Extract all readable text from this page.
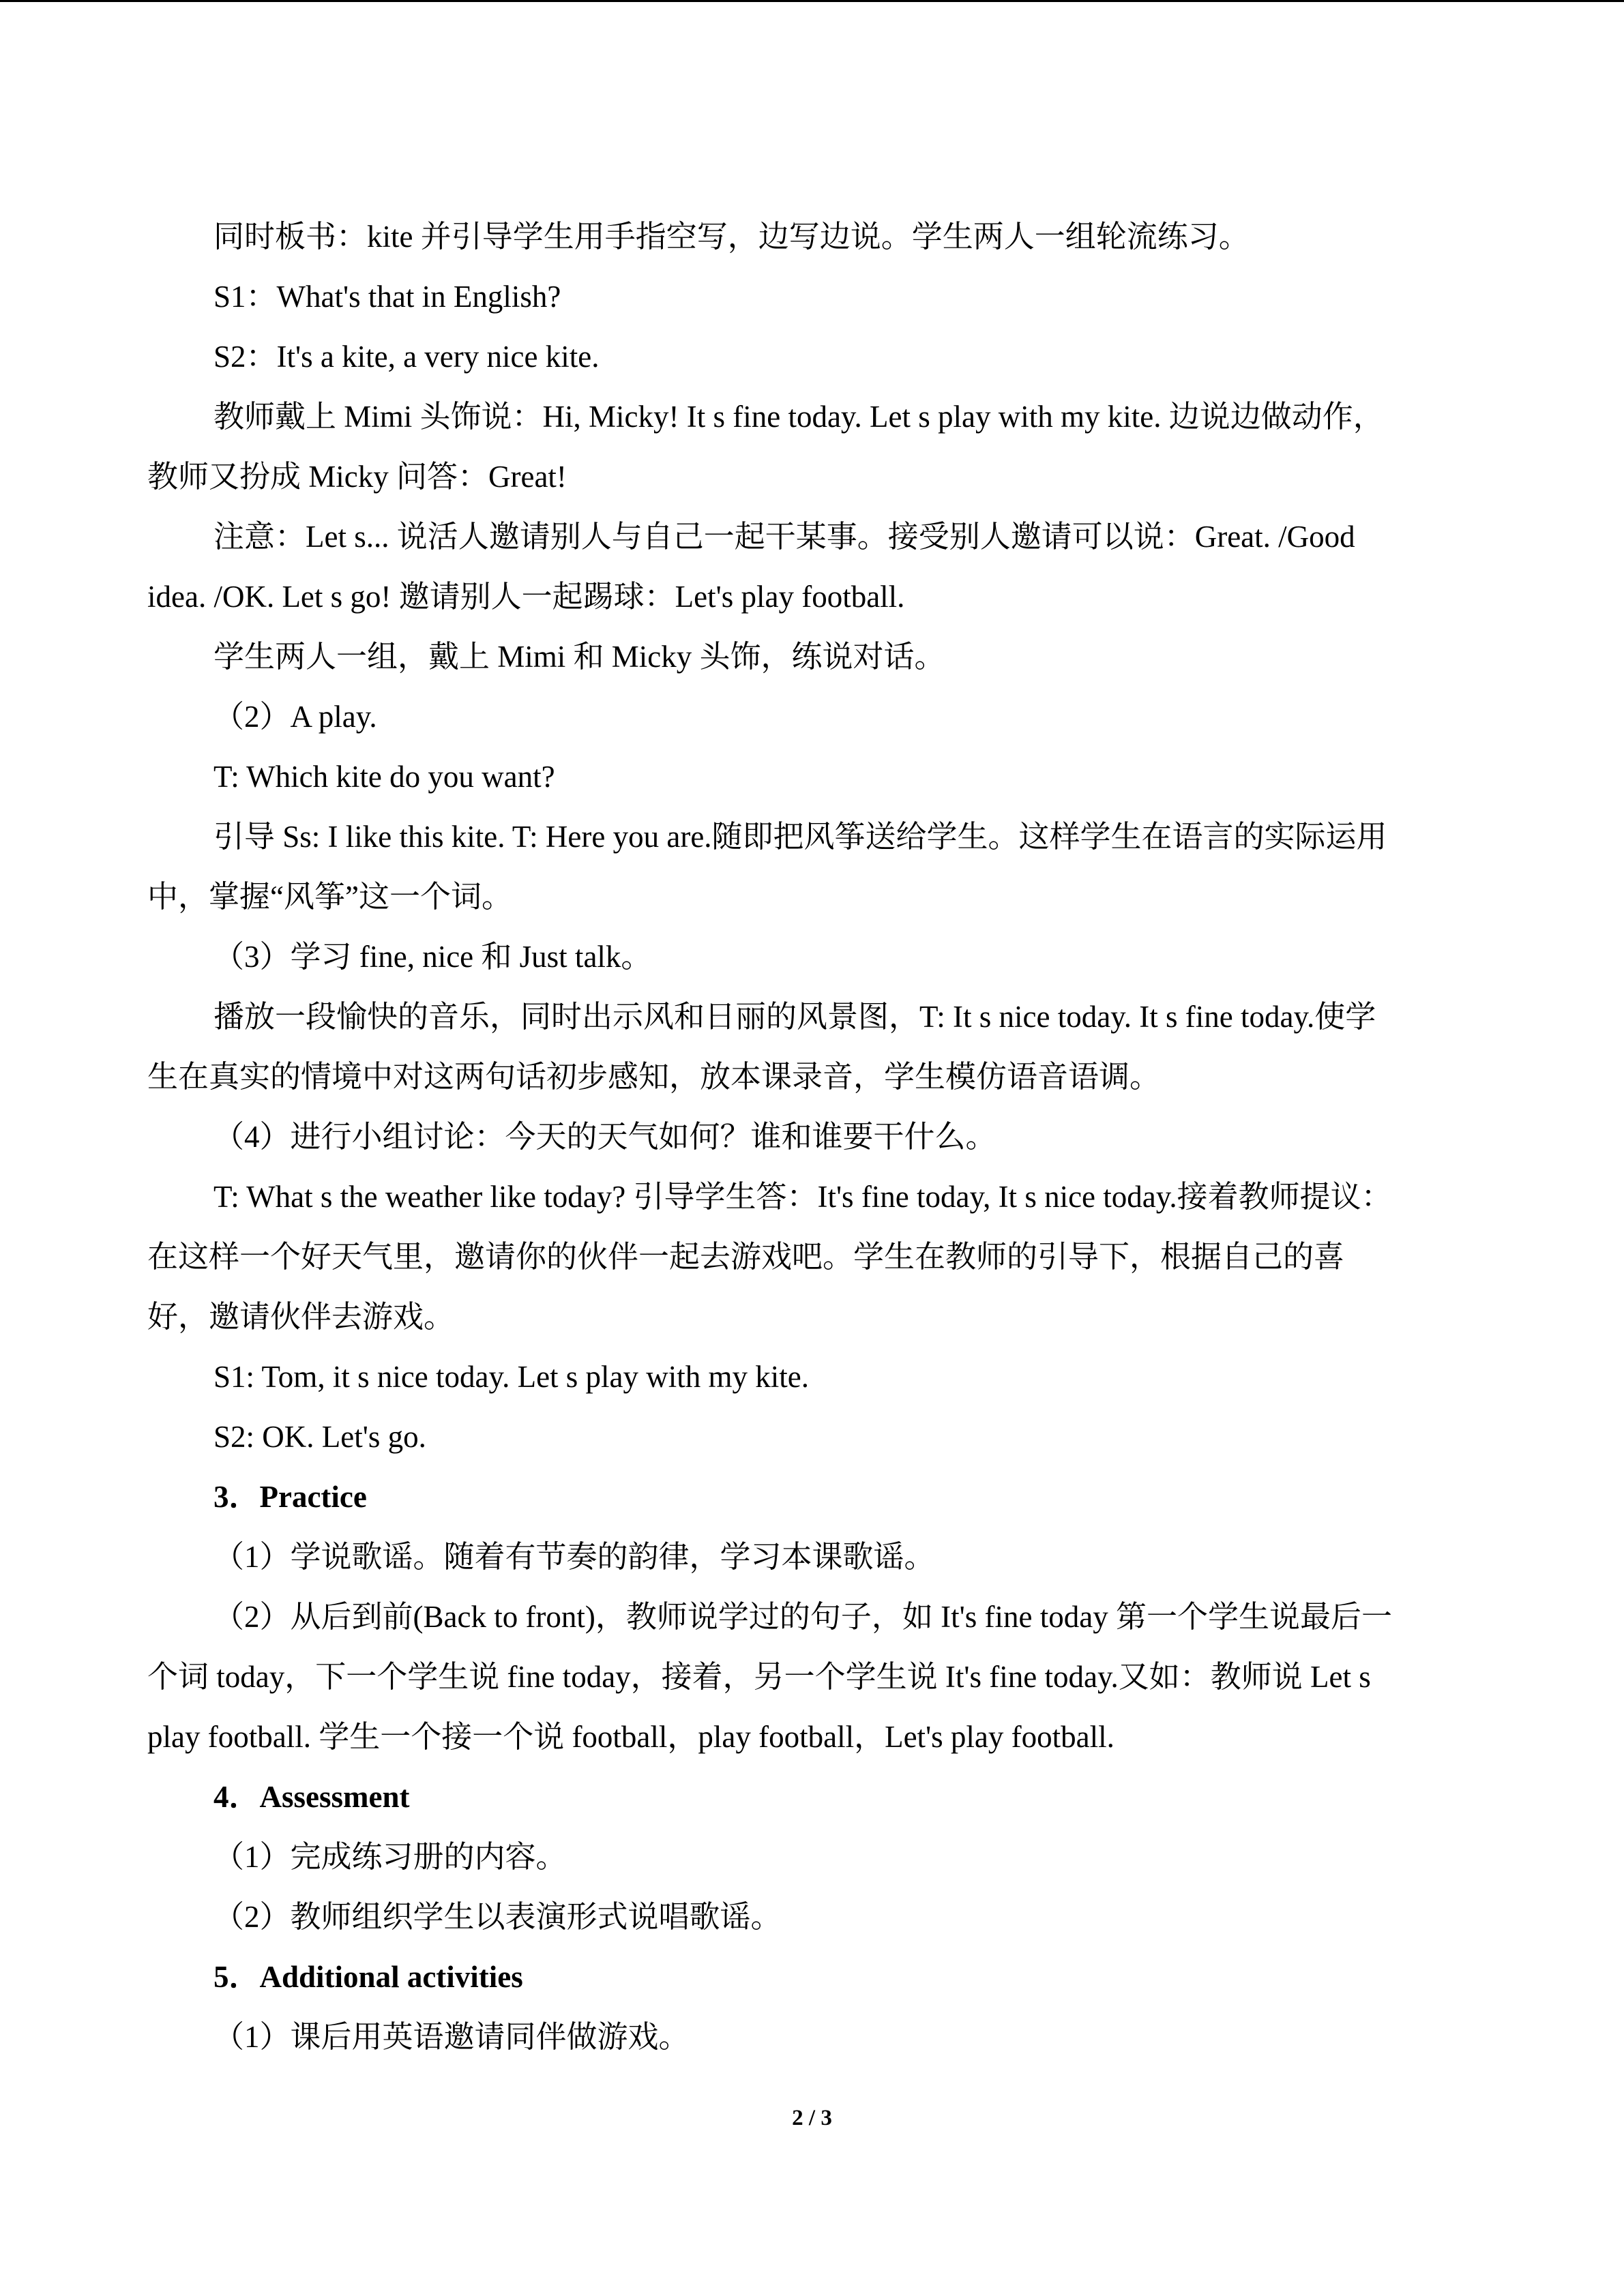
同时板书：kite 并引导学生用手指空写，边写边说。学生两人一组轮流练习。

S1：What's that in English?

S2：It's a kite, a very nice kite.

教师戴上 Mimi 头饰说：Hi, Micky! It s fine today. Let s play with my kite. 边说边做动作，

教师又扮成 Micky 问答：Great!

注意：Let s... 说活人邀请别人与自己一起干某事。接受别人邀请可以说：Great. /Good

idea. /OK. Let s go! 邀请别人一起踢球：Let's play football.

学生两人一组，戴上 Mimi 和 Micky 头饰，练说对话。

（2）A play.

T: Which kite do you want?

引导 Ss: I like this kite. T: Here you are.随即把风筝送给学生。这样学生在语言的实际运用

中，掌握“风筝”这一个词。

（3）学习 fine, nice 和 Just talk。

播放一段愉快的音乐，同时出示风和日丽的风景图，T: It s nice today. It s fine today.使学

生在真实的情境中对这两句话初步感知，放本课录音，学生模仿语音语调。

（4）进行小组讨论：今天的天气如何？谁和谁要干什么。

T: What s the weather like today? 引导学生答：It's fine today, It s nice today.接着教师提议：

在这样一个好天气里，邀请你的伙伴一起去游戏吧。学生在教师的引导下，根据自己的喜

好，邀请伙伴去游戏。

S1: Tom, it s nice today. Let s play with my kite.

S2: OK. Let's go.

3．Practice

（1）学说歌谣。随着有节奏的韵律，学习本课歌谣。

（2）从后到前(Back to front)，教师说学过的句子，如 It's fine today 第一个学生说最后一

个词 today，下一个学生说 fine today，接着，另一个学生说 It's fine today.又如：教师说 Let s

play football. 学生一个接一个说 football，play football，Let's play football.

4．Assessment

（1）完成练习册的内容。

（2）教师组织学生以表演形式说唱歌谣。

5．Additional activities

（1）课后用英语邀请同伴做游戏。

2 / 3
